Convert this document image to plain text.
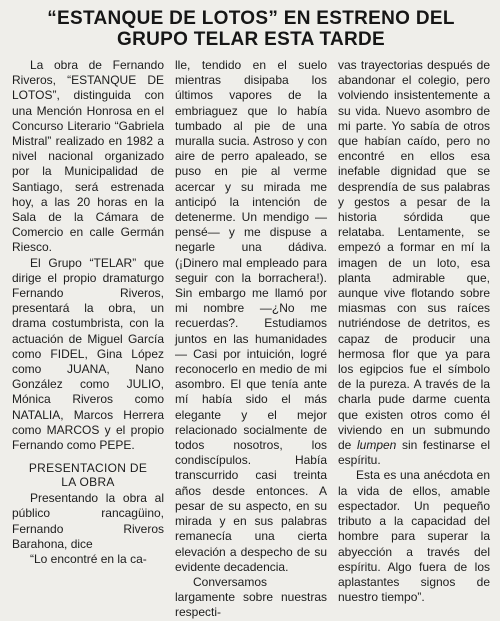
“ESTANQUE DE LOTOS” EN ESTRENO DEL
GRUPO TELAR ESTA TARDE

La obra de Fernando Riveros, “ESTANQUE DE LOTOS”, distinguida con una Mención Honrosa en el Concurso Literario “Gabriela Mistral” realizado en 1982 a nivel nacional organizado por la Municipalidad de Santiago, será estrenada hoy, a las 20 horas en la Sala de la Cámara de Comercio en calle Germán Riesco.

El Grupo “TELAR” que dirige el propio dramaturgo Fernando Riveros, presentará la obra, un drama costumbrista, con la actuación de Miguel García como FIDEL, Gina López como JUANA, Nano González como JULIO, Mónica Riveros como NATALIA, Marcos Herrera como MARCOS y el propio Fernando como PEPE.

PRESENTACION DE
LA OBRA

Presentando la obra al público rancagüino, Fernando Riveros Barahona, dice

“Lo encontré en la ca-

lle, tendido en el suelo mientras disipaba los últimos vapores de la embriaguez que lo había tumbado al pie de una muralla sucia. Astroso y con aire de perro apaleado, se puso en pie al verme acercar y su mirada me anticipó la intención de detenerme. Un mendigo —pensé— y me dispuse a negarle una dádiva. (¡Dinero mal empleado para seguir con la borrachera!). Sin embargo me llamó por mi nombre —¿No me recuerdas?. Estudiamos juntos en las humanidades— Casi por intuición, logré reconocerlo en medio de mi asombro. El que tenía ante mí había sido el más elegante y el mejor relacionado socialmente de todos nosotros, los condiscípulos. Había transcurrido casi treinta años desde entonces. A pesar de su aspecto, en su mirada y en sus palabras remanecía una cierta elevación a despecho de su evidente decadencia.

Conversamos largamente sobre nuestras respecti-

vas trayectorias después de abandonar el colegio, pero volviendo insistentemente a su vida. Nuevo asombro de mi parte. Yo sabía de otros que habían caído, pero no encontré en ellos esa inefable dignidad que se desprendía de sus palabras y gestos a pesar de la historia sórdida que relataba. Lentamente, se empezó a formar en mí la imagen de un loto, esa planta admirable que, aunque vive flotando sobre miasmas con sus raíces nutriéndose de detritos, es capaz de producir una hermosa flor que ya para los egipcios fue el símbolo de la pureza. A través de la charla pude darme cuenta que existen otros como él viviendo en un submundo de lumpen sin festinarse el espíritu.

Esta es una anécdota en la vida de ellos, amable espectador. Un pequeño tributo a la capacidad del hombre para superar la abyección a través del espíritu. Algo fuera de los aplastantes signos de nuestro tiempo”.
